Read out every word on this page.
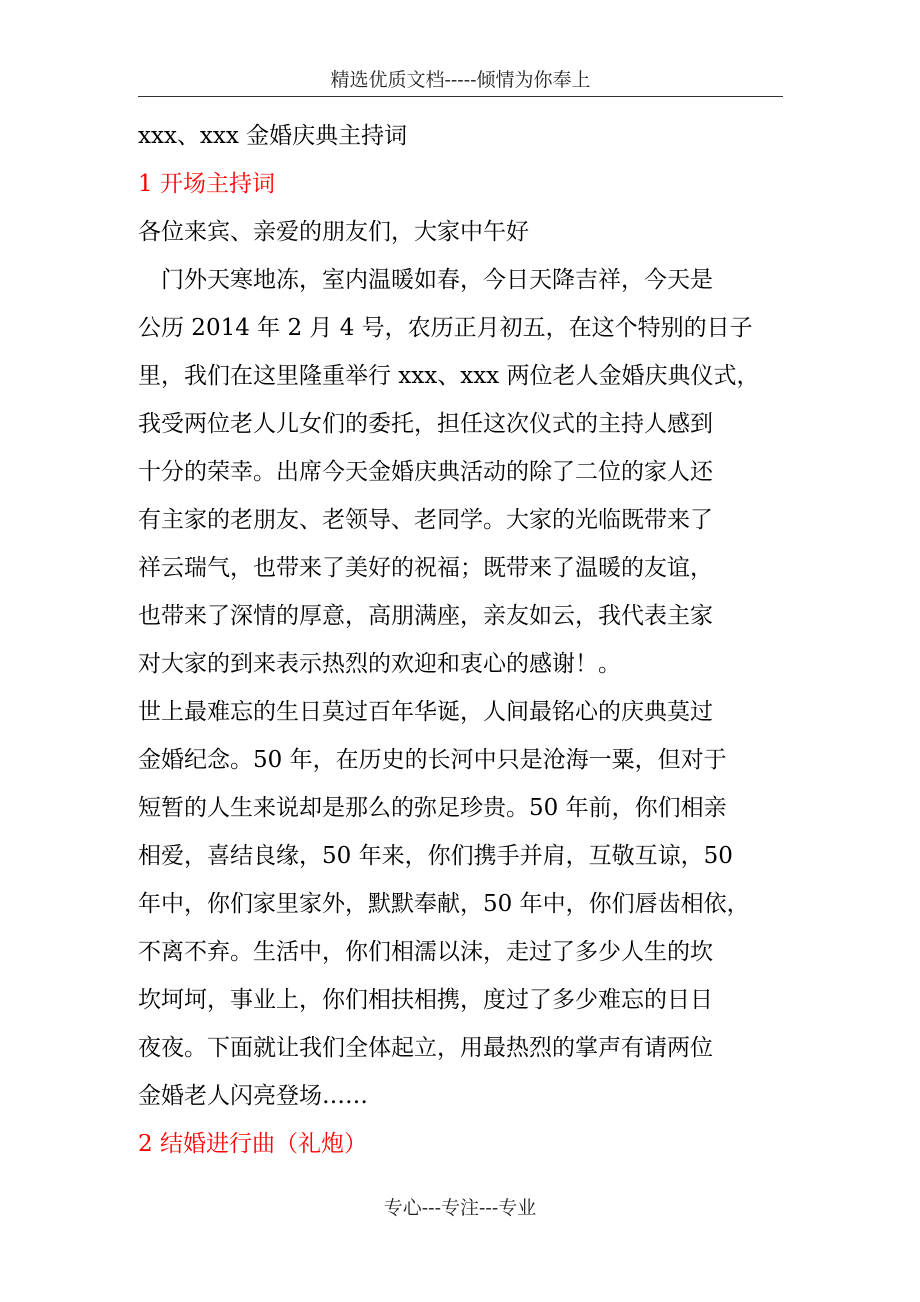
精选优质文档-----倾情为你奉上
xxx、xxx 金婚庆典主持词
1 开场主持词
各位来宾、亲爱的朋友们，大家中午好
门外天寒地冻，室内温暖如春，今日天降吉祥，今天是
公历 2014 年 2 月 4 号，农历正月初五，在这个特别的日子
里，我们在这里隆重举行 xxx、xxx 两位老人金婚庆典仪式，
我受两位老人儿女们的委托，担任这次仪式的主持人感到
十分的荣幸。出席今天金婚庆典活动的除了二位的家人还
有主家的老朋友、老领导、老同学。大家的光临既带来了
祥云瑞气，也带来了美好的祝福；既带来了温暖的友谊，
也带来了深情的厚意，高朋满座，亲友如云，我代表主家
对大家的到来表示热烈的欢迎和衷心的感谢！。
世上最难忘的生日莫过百年华诞，人间最铭心的庆典莫过
金婚纪念。50 年，在历史的长河中只是沧海一粟，但对于
短暂的人生来说却是那么的弥足珍贵。50 年前，你们相亲
相爱，喜结良缘，50 年来，你们携手并肩，互敬互谅，50
年中，你们家里家外，默默奉献，50 年中，你们唇齿相依，
不离不弃。生活中，你们相濡以沫，走过了多少人生的坎
坎坷坷，事业上，你们相扶相携，度过了多少难忘的日日
夜夜。下面就让我们全体起立，用最热烈的掌声有请两位
金婚老人闪亮登场……
2 结婚进行曲（礼炮）
专心---专注---专业
